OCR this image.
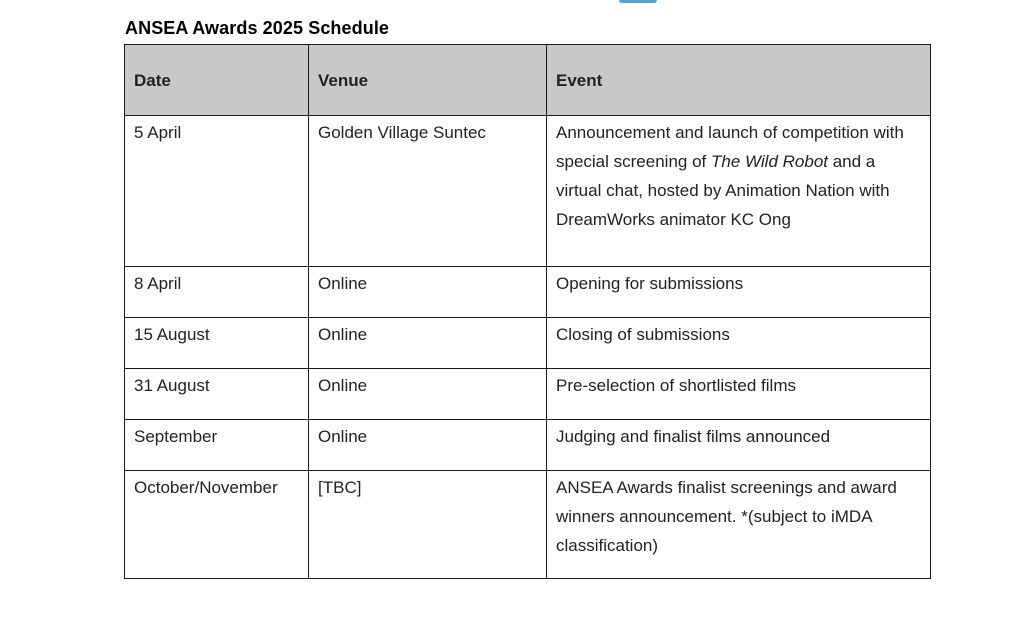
ANSEA Awards 2025 Schedule
Date	Venue	Event
5 April	Golden Village Suntec	Announcement and launch of competition with special screening of The Wild Robot and a virtual chat, hosted by Animation Nation with DreamWorks animator KC Ong
8 April	Online	Opening for submissions
15 August	Online	Closing of submissions
31 August	Online	Pre-selection of shortlisted films
September	Online	Judging and finalist films announced
October/November	[TBC]	ANSEA Awards finalist screenings and award winners announcement. *(subject to iMDA classification)
